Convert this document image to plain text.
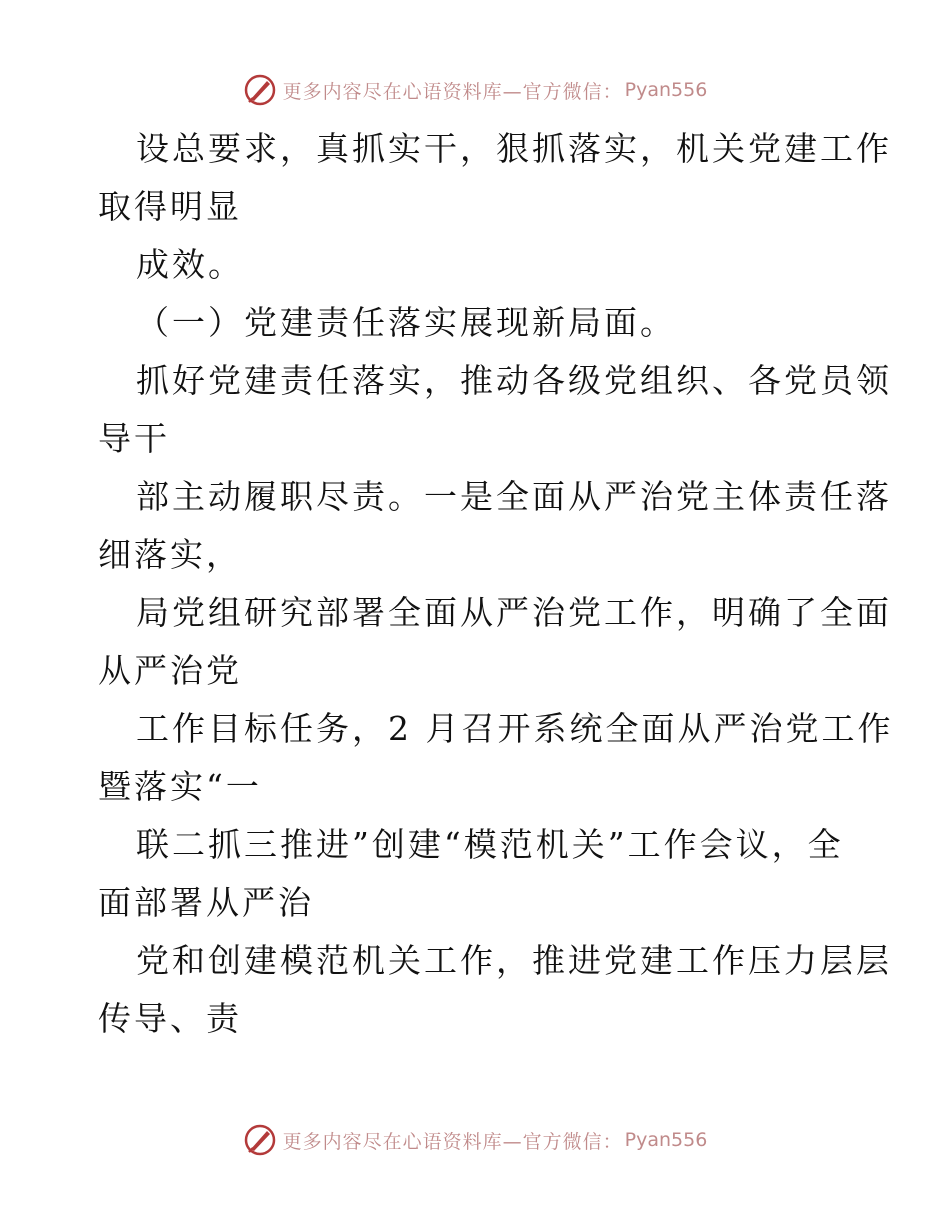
更多内容尽在心语资料库—官方微信： Pyan556
设总要求，真抓实干，狠抓落实，机关党建工作
取得明显
成效。
（一）党建责任落实展现新局面。
抓好党建责任落实，推动各级党组织、各党员领
导干
部主动履职尽责。一是全面从严治党主体责任落
细落实，
局党组研究部署全面从严治党工作，明确了全面
从严治党
工作目标任务，2 月召开系统全面从严治党工作
暨落实“一
联二抓三推进”创建“模范机关”工作会议，全
面部署从严治
党和创建模范机关工作，推进党建工作压力层层
传导、责
更多内容尽在心语资料库—官方微信： Pyan556
